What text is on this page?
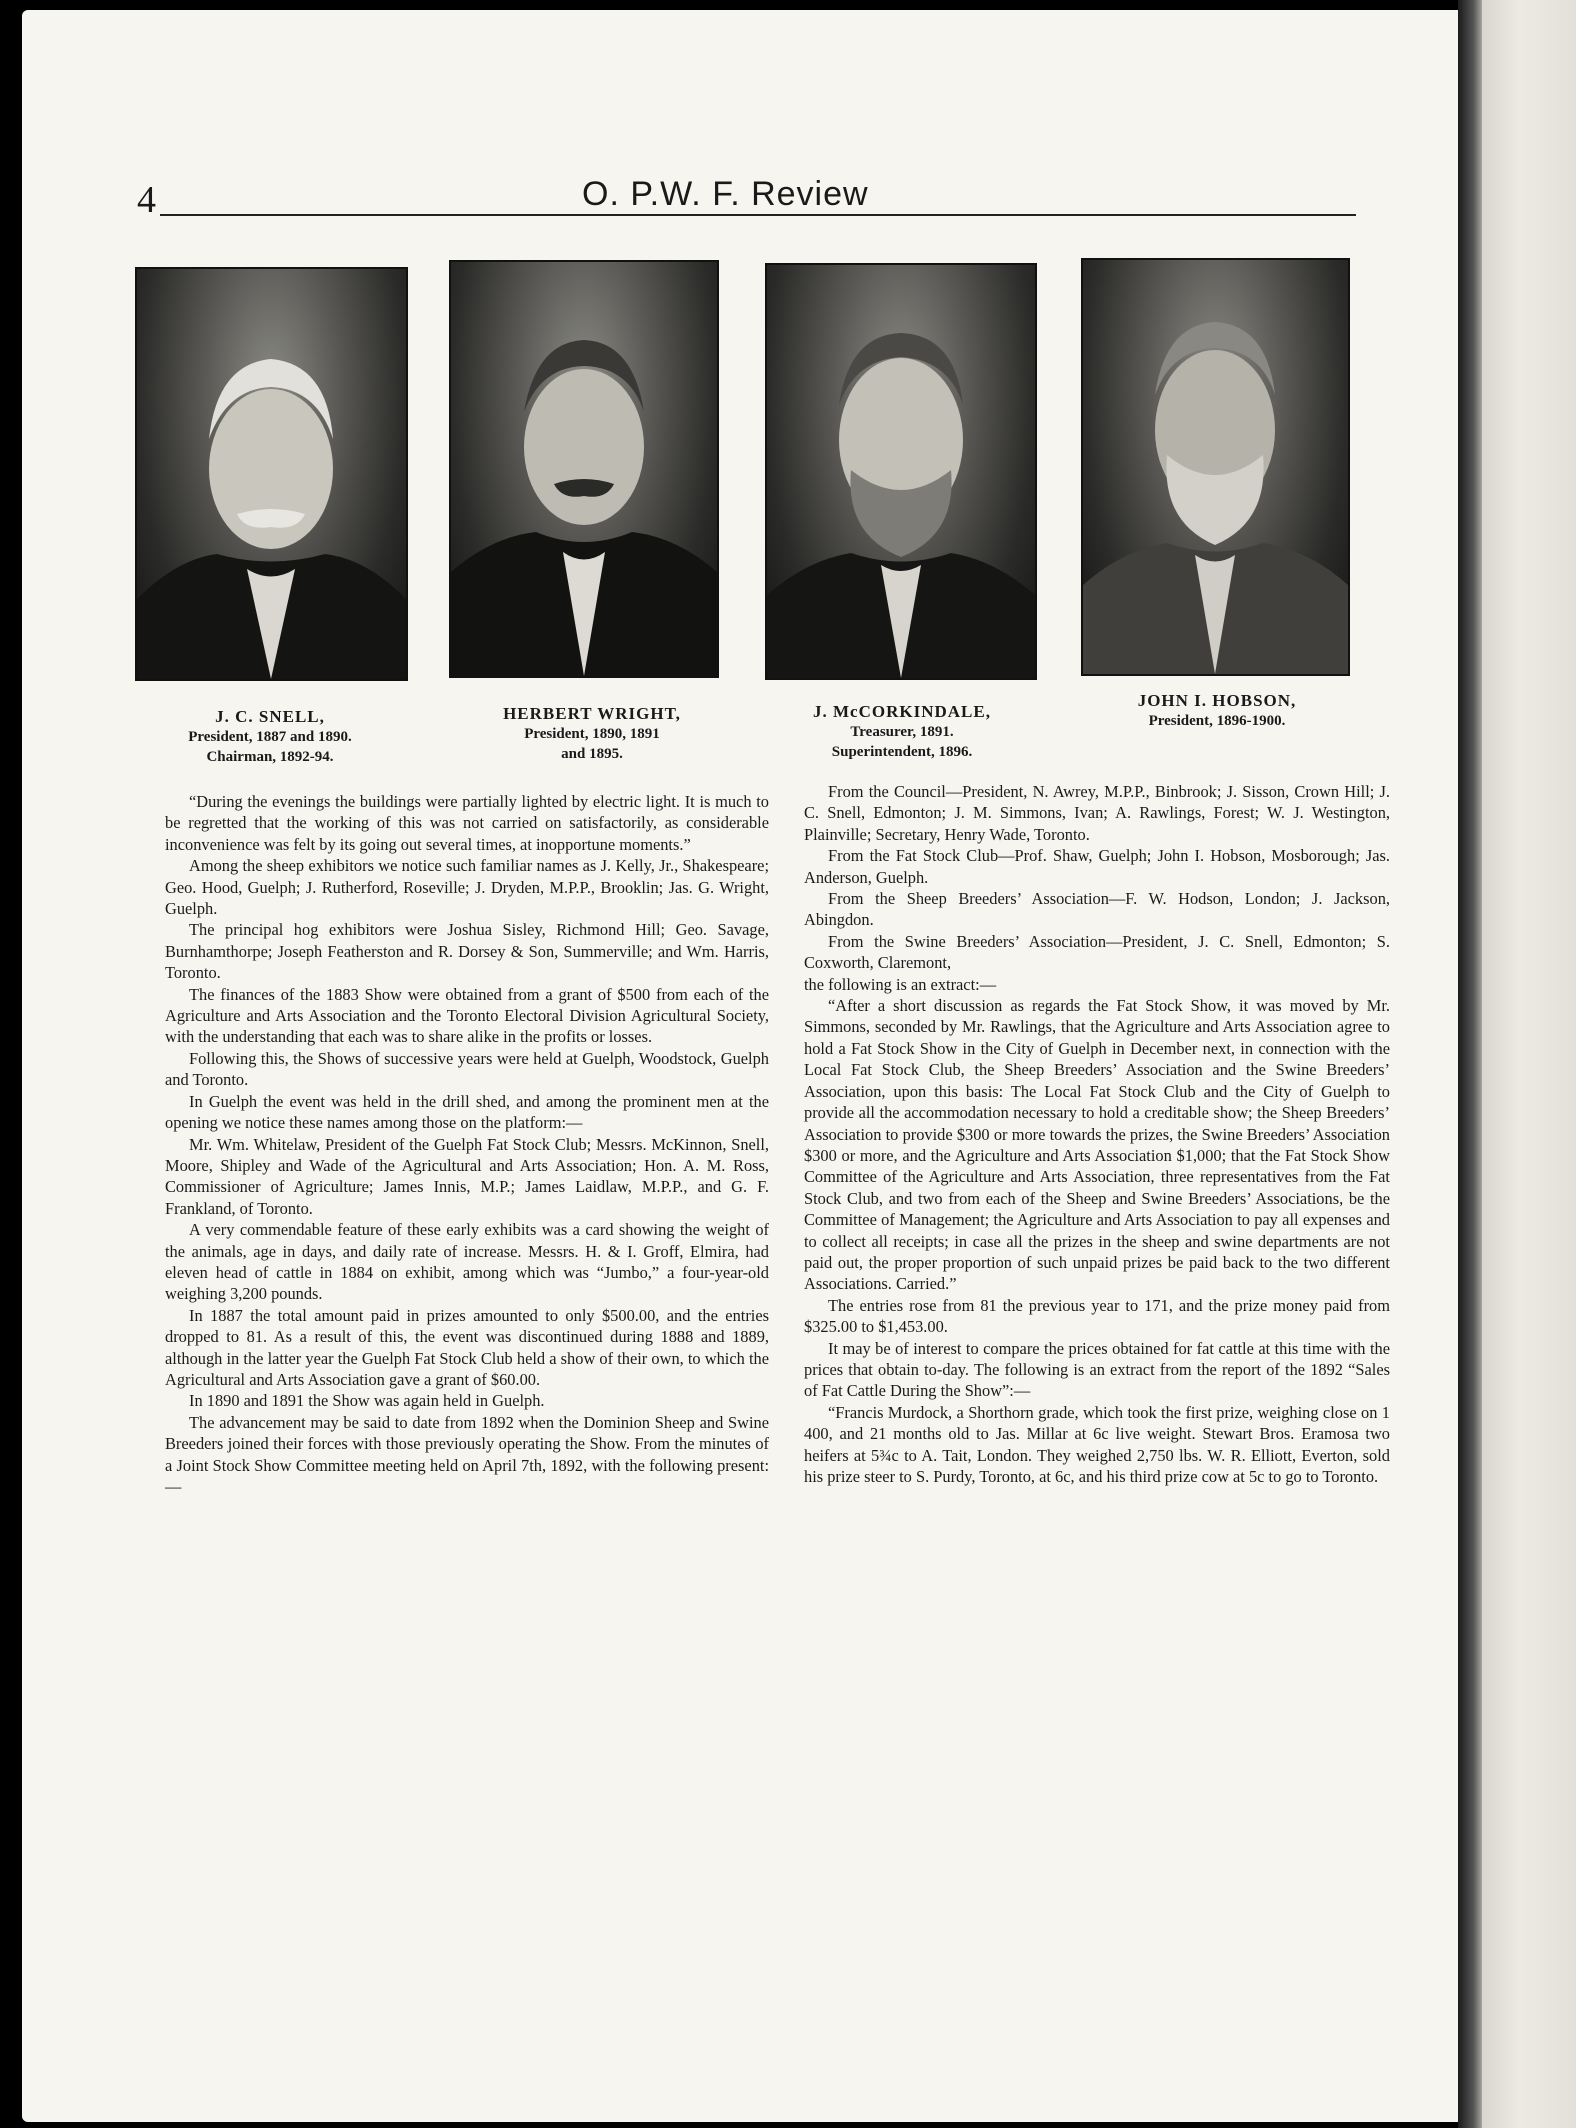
4	O. P.W. F. Review
J. C. SNELL,
President, 1887 and 1890.
Chairman, 1892-94.
HERBERT WRIGHT,
President, 1890, 1891
and 1895.
J. McCORKINDALE,
Treasurer, 1891.
Superintendent, 1896.
JOHN I. HOBSON,
President, 1896-1900.

“During the evenings the buildings were partially lighted by electric light. It is much to be regretted that the working of this was not carried on satisfactorily, as considerable inconvenience was felt by its going out several times, at inopportune moments.”

Among the sheep exhibitors we notice such familiar names as J. Kelly, Jr., Shakespeare; Geo. Hood, Guelph; J. Rutherford, Roseville; J. Dryden, M.P.P., Brooklin; Jas. G. Wright, Guelph.

The principal hog exhibitors were Joshua Sisley, Richmond Hill; Geo. Savage, Burnhamthorpe; Joseph Featherston and R. Dorsey & Son, Summerville; and Wm. Harris, Toronto.

The finances of the 1883 Show were obtained from a grant of $500 from each of the Agriculture and Arts Association and the Toronto Electoral Division Agricultural Society, with the understanding that each was to share alike in the profits or losses.

Following this, the Shows of successive years were held at Guelph, Woodstock, Guelph and Toronto.

In Guelph the event was held in the drill shed, and among the prominent men at the opening we notice these names among those on the platform:—

Mr. Wm. Whitelaw, President of the Guelph Fat Stock Club; Messrs. McKinnon, Snell, Moore, Shipley and Wade of the Agricultural and Arts Association; Hon. A. M. Ross, Commissioner of Agriculture; James Innis, M.P.; James Laidlaw, M.P.P., and G. F. Frankland, of Toronto.

A very commendable feature of these early exhibits was a card showing the weight of the animals, age in days, and daily rate of increase. Messrs. H. & I. Groff, Elmira, had eleven head of cattle in 1884 on exhibit, among which was “Jumbo,” a four-year-old weighing 3,200 pounds.

In 1887 the total amount paid in prizes amounted to only $500.00, and the entries dropped to 81. As a result of this, the event was discontinued during 1888 and 1889, although in the latter year the Guelph Fat Stock Club held a show of their own, to which the Agricultural and Arts Association gave a grant of $60.00.

In 1890 and 1891 the Show was again held in Guelph.

The advancement may be said to date from 1892 when the Dominion Sheep and Swine Breeders joined their forces with those previously operating the Show. From the minutes of a Joint Stock Show Committee meeting held on April 7th, 1892, with the following present:—

From the Council—President, N. Awrey, M.P.P., Binbrook; J. Sisson, Crown Hill; J. C. Snell, Edmonton; J. M. Simmons, Ivan; A. Rawlings, Forest; W. J. Westington, Plainville; Secretary, Henry Wade, Toronto.

From the Fat Stock Club—Prof. Shaw, Guelph; John I. Hobson, Mosborough; Jas. Anderson, Guelph.

From the Sheep Breeders’ Association—F. W. Hodson, London; J. Jackson, Abingdon.

From the Swine Breeders’ Association—President, J. C. Snell, Edmonton; S. Coxworth, Claremont,

the following is an extract:—

“After a short discussion as regards the Fat Stock Show, it was moved by Mr. Simmons, seconded by Mr. Rawlings, that the Agriculture and Arts Association agree to hold a Fat Stock Show in the City of Guelph in December next, in connection with the Local Fat Stock Club, the Sheep Breeders’ Association and the Swine Breeders’ Association, upon this basis: The Local Fat Stock Club and the City of Guelph to provide all the accommodation necessary to hold a creditable show; the Sheep Breeders’ Association to provide $300 or more towards the prizes, the Swine Breeders’ Association $300 or more, and the Agriculture and Arts Association $1,000; that the Fat Stock Show Committee of the Agriculture and Arts Association, three representatives from the Fat Stock Club, and two from each of the Sheep and Swine Breeders’ Associations, be the Committee of Management; the Agriculture and Arts Association to pay all expenses and to collect all receipts; in case all the prizes in the sheep and swine departments are not paid out, the proper proportion of such unpaid prizes be paid back to the two different Associations. Carried.”

The entries rose from 81 the previous year to 171, and the prize money paid from $325.00 to $1,453.00.

It may be of interest to compare the prices obtained for fat cattle at this time with the prices that obtain to-day. The following is an extract from the report of the 1892 “Sales of Fat Cattle During the Show”:—

“Francis Murdock, a Shorthorn grade, which took the first prize, weighing close on 1 400, and 21 months old to Jas. Millar at 6c live weight. Stewart Bros. Eramosa two heifers at 5¾c to A. Tait, London. They weighed 2,750 lbs. W. R. Elliott, Everton, sold his prize steer to S. Purdy, Toronto, at 6c, and his third prize cow at 5c to go to Toronto.
